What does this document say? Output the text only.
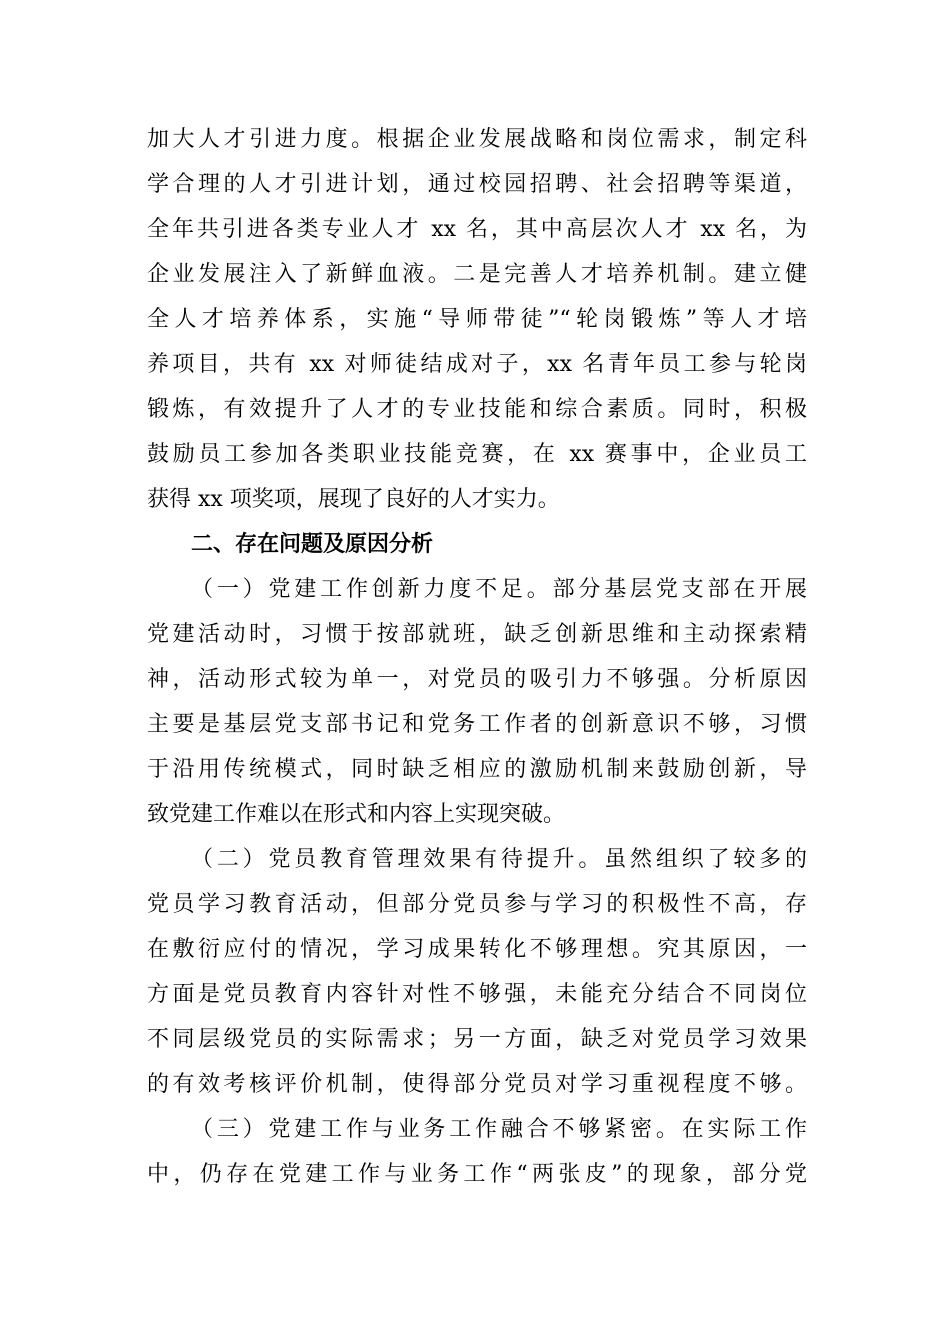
加大人才引进力度。根据企业发展战略和岗位需求，制定科
学合理的人才引进计划，通过校园招聘、社会招聘等渠道，
全年共引进各类专业人才 xx 名，其中高层次人才 xx 名，为
企业发展注入了新鲜血液。二是完善人才培养机制。建立健
全人才培养体系，实施“导师带徒”“轮岗锻炼”等人才培
养项目，共有 xx 对师徒结成对子，xx 名青年员工参与轮岗
锻炼，有效提升了人才的专业技能和综合素质。同时，积极
鼓励员工参加各类职业技能竞赛，在 xx 赛事中，企业员工
获得 xx 项奖项，展现了良好的人才实力。
二、存在问题及原因分析
（一）党建工作创新力度不足。部分基层党支部在开展
党建活动时，习惯于按部就班，缺乏创新思维和主动探索精
神，活动形式较为单一，对党员的吸引力不够强。分析原因
主要是基层党支部书记和党务工作者的创新意识不够，习惯
于沿用传统模式，同时缺乏相应的激励机制来鼓励创新，导
致党建工作难以在形式和内容上实现突破。
（二）党员教育管理效果有待提升。虽然组织了较多的
党员学习教育活动，但部分党员参与学习的积极性不高，存
在敷衍应付的情况，学习成果转化不够理想。究其原因，一
方面是党员教育内容针对性不够强，未能充分结合不同岗位
不同层级党员的实际需求；另一方面，缺乏对党员学习效果
的有效考核评价机制，使得部分党员对学习重视程度不够。
（三）党建工作与业务工作融合不够紧密。在实际工作
中，仍存在党建工作与业务工作“两张皮”的现象，部分党
